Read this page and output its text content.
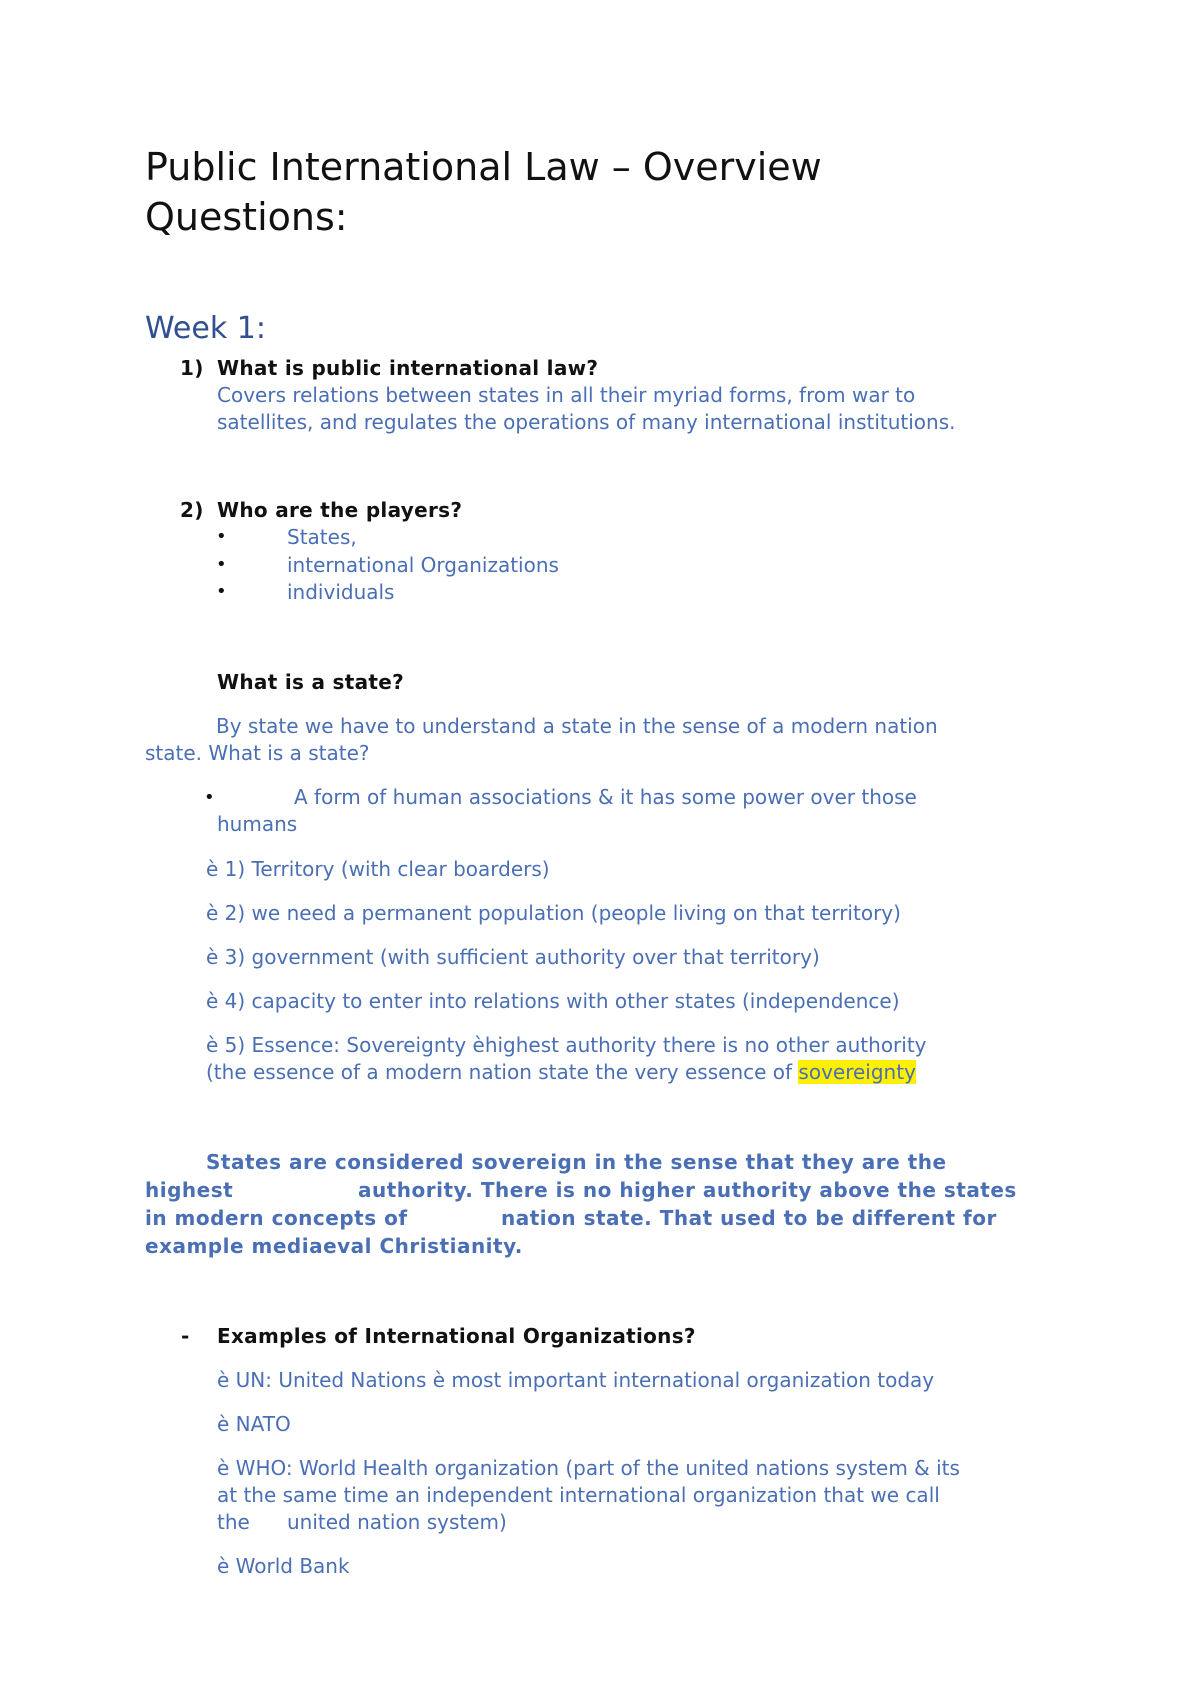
Public International Law – Overview
Questions:
Week 1:
1) What is public international law?
Covers relations between states in all their myriad forms, from war to
satellites, and regulates the operations of many international institutions.
2) Who are the players?
•	States,
•	international Organizations
•	individuals
What is a state?
By state we have to understand a state in the sense of a modern nation
state. What is a state?
•	A form of human associations & it has some power over those
humans
è 1) Territory (with clear boarders)
è 2) we need a permanent population (people living on that territory)
è 3) government (with sufficient authority over that territory)
è 4) capacity to enter into relations with other states (independence)
è 5) Essence: Sovereignty èhighest authority there is no other authority
(the essence of a modern nation state the very essence of sovereignty
States are considered sovereign in the sense that they are the
highest	authority. There is no higher authority above the states
in modern concepts of	nation state. That used to be different for
example mediaeval Christianity.
- Examples of International Organizations?
è UN: United Nations è most important international organization today
è NATO
è WHO: World Health organization (part of the united nations system & its
at the same time an independent international organization that we call
the united nation system)
è World Bank
